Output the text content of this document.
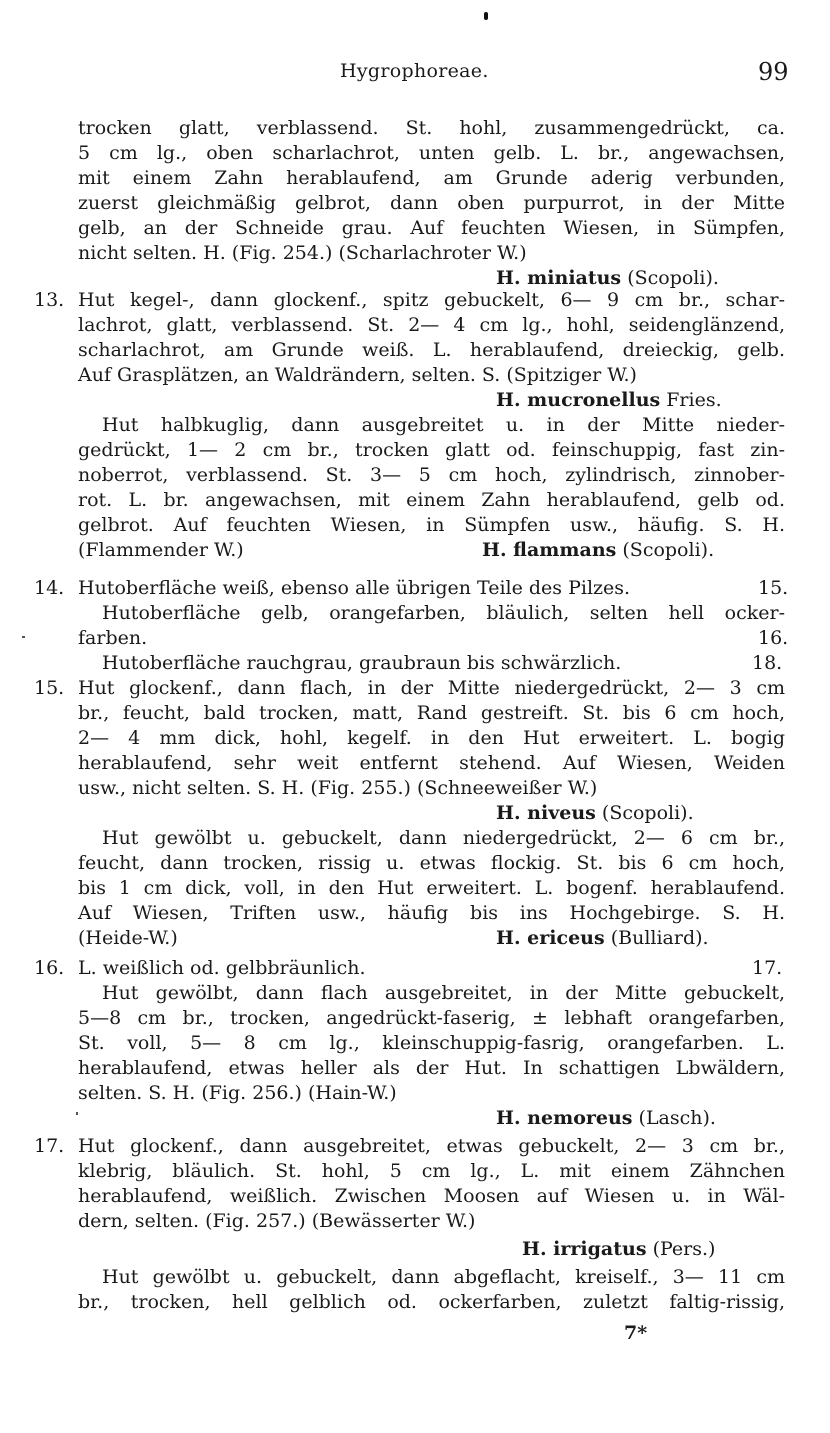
Hygrophoreae.	99
13.
14.
15.
16.
17.
trocken glatt, verblassend. St. hohl, zusammengedrückt, ca.
5 cm lg., oben scharlachrot, unten gelb. L. br., angewachsen,
mit einem Zahn herablaufend, am Grunde aderig verbunden,
zuerst gleichmäßig gelbrot, dann oben purpurrot, in der Mitte
gelb, an der Schneide grau. Auf feuchten Wiesen, in Sümpfen,
nicht selten. H. (Fig. 254.) (Scharlachroter W.)
H. miniatus (Scopoli).
Hut kegel-, dann glockenf., spitz gebuckelt, 6— 9 cm br., schar-
lachrot, glatt, verblassend. St. 2— 4 cm lg., hohl, seidenglänzend,
scharlachrot, am Grunde weiß. L. herablaufend, dreieckig, gelb.
Auf Grasplätzen, an Waldrändern, selten. S. (Spitziger W.)
H. mucronellus Fries.
Hut halbkuglig, dann ausgebreitet u. in der Mitte nieder-
gedrückt, 1— 2 cm br., trocken glatt od. feinschuppig, fast zin-
noberrot, verblassend. St. 3— 5 cm hoch, zylindrisch, zinnober-
rot. L. br. angewachsen, mit einem Zahn herablaufend, gelb od.
gelbrot. Auf feuchten Wiesen, in Sümpfen usw., häufig. S. H.
(Flammender W.)	H. flammans (Scopoli).
Hutoberfläche weiß, ebenso alle übrigen Teile des Pilzes.	15.
Hutoberfläche gelb, orangefarben, bläulich, selten hell ocker-
farben.	16.
Hutoberfläche rauchgrau, graubraun bis schwärzlich.	18.
Hut glockenf., dann flach, in der Mitte niedergedrückt, 2— 3 cm
br., feucht, bald trocken, matt, Rand gestreift. St. bis 6 cm hoch,
2— 4 mm dick, hohl, kegelf. in den Hut erweitert. L. bogig
herablaufend, sehr weit entfernt stehend. Auf Wiesen, Weiden
usw., nicht selten. S. H. (Fig. 255.) (Schneeweißer W.)
H. niveus (Scopoli).
Hut gewölbt u. gebuckelt, dann niedergedrückt, 2— 6 cm br.,
feucht, dann trocken, rissig u. etwas flockig. St. bis 6 cm hoch,
bis 1 cm dick, voll, in den Hut erweitert. L. bogenf. herablaufend.
Auf Wiesen, Triften usw., häufig bis ins Hochgebirge. S. H.
(Heide-W.)	H. ericeus (Bulliard).
L. weißlich od. gelbbräunlich.	17.
Hut gewölbt, dann flach ausgebreitet, in der Mitte gebuckelt,
5—8 cm br., trocken, angedrückt-faserig, ± lebhaft orangefarben,
St. voll, 5— 8 cm lg., kleinschuppig-fasrig, orangefarben. L.
herablaufend, etwas heller als der Hut. In schattigen Lbwäldern,
selten. S. H. (Fig. 256.) (Hain-W.)
H. nemoreus (Lasch).
Hut glockenf., dann ausgebreitet, etwas gebuckelt, 2— 3 cm br.,
klebrig, bläulich. St. hohl, 5 cm lg., L. mit einem Zähnchen
herablaufend, weißlich. Zwischen Moosen auf Wiesen u. in Wäl-
dern, selten. (Fig. 257.) (Bewässerter W.)
H. irrigatus (Pers.)
Hut gewölbt u. gebuckelt, dann abgeflacht, kreiself., 3— 11 cm
br., trocken, hell gelblich od. ockerfarben, zuletzt faltig-rissig,
7*
